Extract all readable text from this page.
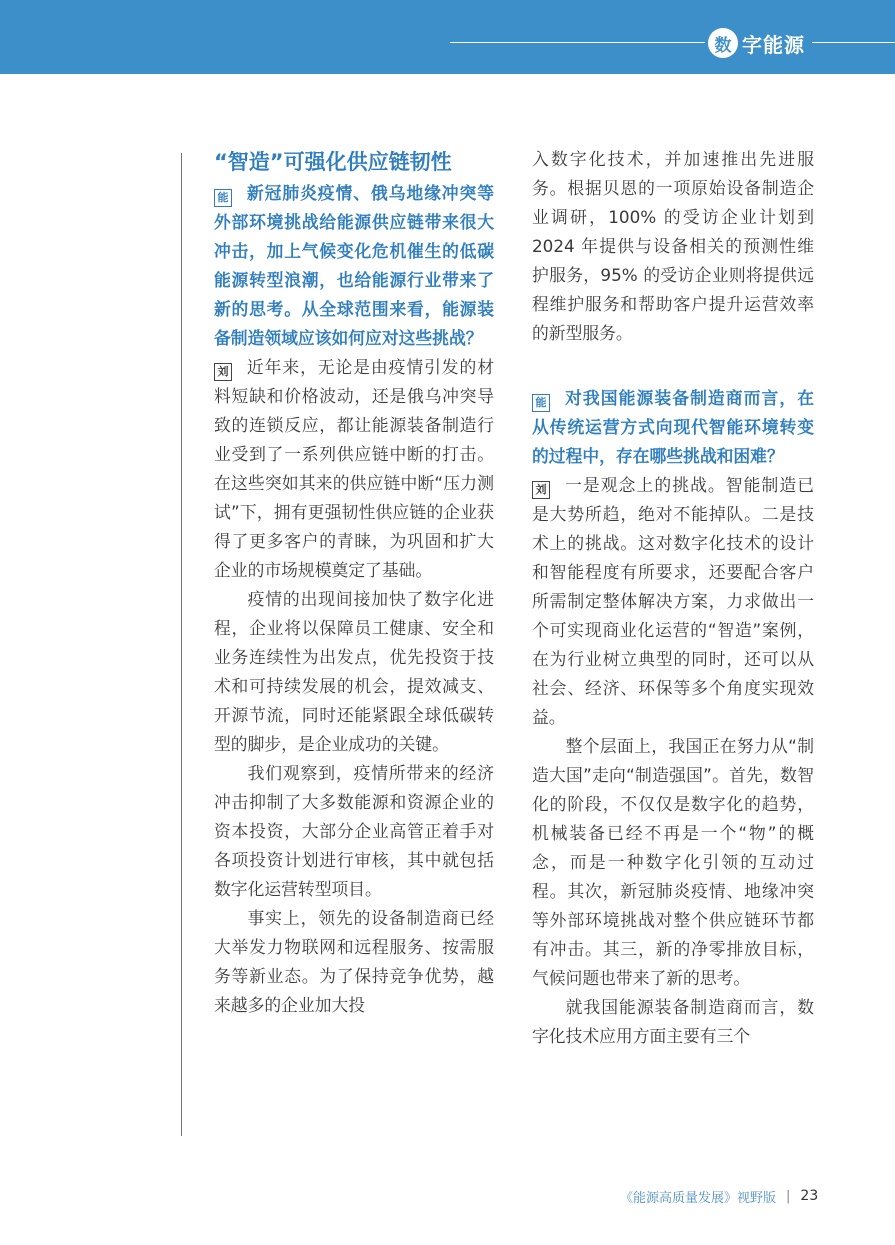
数 字能源
“智造”可强化供应链韧性

能 新冠肺炎疫情、俄乌地缘冲突等外部环境挑战给能源供应链带来很大冲击，加上气候变化危机催生的低碳能源转型浪潮，也给能源行业带来了新的思考。从全球范围来看，能源装备制造领域应该如何应对这些挑战？

刘 近年来，无论是由疫情引发的材料短缺和价格波动，还是俄乌冲突导致的连锁反应，都让能源装备制造行业受到了一系列供应链中断的打击。在这些突如其来的供应链中断“压力测试”下，拥有更强韧性供应链的企业获得了更多客户的青睐，为巩固和扩大企业的市场规模奠定了基础。

疫情的出现间接加快了数字化进程，企业将以保障员工健康、安全和业务连续性为出发点，优先投资于技术和可持续发展的机会，提效减支、开源节流，同时还能紧跟全球低碳转型的脚步，是企业成功的关键。

我们观察到，疫情所带来的经济冲击抑制了大多数能源和资源企业的资本投资，大部分企业高管正着手对各项投资计划进行审核，其中就包括数字化运营转型项目。

事实上，领先的设备制造商已经大举发力物联网和远程服务、按需服务等新业态。为了保持竞争优势，越来越多的企业加大投

入数字化技术，并加速推出先进服务。根据贝恩的一项原始设备制造企业调研，100% 的受访企业计划到 2024 年提供与设备相关的预测性维护服务，95% 的受访企业则将提供远程维护服务和帮助客户提升运营效率的新型服务。

能 对我国能源装备制造商而言，在从传统运营方式向现代智能环境转变的过程中，存在哪些挑战和困难？

刘 一是观念上的挑战。智能制造已是大势所趋，绝对不能掉队。二是技术上的挑战。这对数字化技术的设计和智能程度有所要求，还要配合客户所需制定整体解决方案，力求做出一个可实现商业化运营的“智造”案例，在为行业树立典型的同时，还可以从社会、经济、环保等多个角度实现效益。

整个层面上，我国正在努力从“制造大国”走向“制造强国”。首先，数智化的阶段，不仅仅是数字化的趋势，机械装备已经不再是一个“物”的概念，而是一种数字化引领的互动过程。其次，新冠肺炎疫情、地缘冲突等外部环境挑战对整个供应链环节都有冲击。其三，新的净零排放目标，气候问题也带来了新的思考。

就我国能源装备制造商而言，数字化技术应用方面主要有三个

《能源高质量发展》视野版 | 23
